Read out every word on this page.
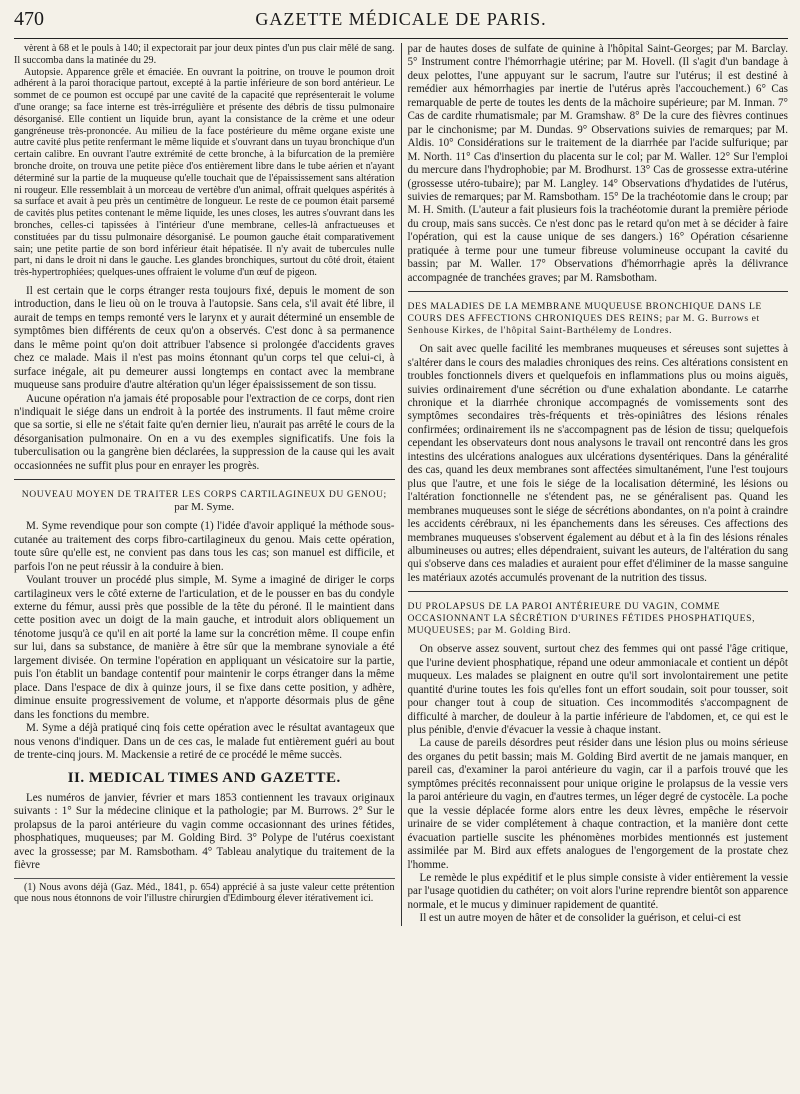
470	GAZETTE MÉDICALE DE PARIS.

vèrent à 68 et le pouls à 140; il expectorait par jour deux pintes d'un pus clair mêlé de sang. Il succomba dans la matinée du 29.

Autopsie. Apparence grêle et émaciée. En ouvrant la poitrine, on trouve le poumon droit adhérent à la paroi thoracique partout, excepté à la partie inférieure de son bord antérieur. Le sommet de ce poumon est occupé par une cavité de la capacité que représenterait le volume d'une orange; sa face interne est très-irrégulière et présente des débris de tissu pulmonaire désorganisé. Elle contient un liquide brun, ayant la consistance de la crème et une odeur gangréneuse très-prononcée. Au milieu de la face postérieure du même organe existe une autre cavité plus petite renfermant le même liquide et s'ouvrant dans un tuyau bronchique d'un certain calibre. En ouvrant l'autre extrémité de cette bronche, à la bifurcation de la première bronche droite, on trouva une petite pièce d'os entièrement libre dans le tube aérien et n'ayant déterminé sur la partie de la muqueuse qu'elle touchait que de l'épaississement sans altération ni rougeur. Elle ressemblait à un morceau de vertèbre d'un animal, offrait quelques aspérités à sa surface et avait à peu près un centimètre de longueur. Le reste de ce poumon était parsemé de cavités plus petites contenant le même liquide, les unes closes, les autres s'ouvrant dans les bronches, celles-ci tapissées à l'intérieur d'une membrane, celles-là anfractueuses et constituées par du tissu pulmonaire désorganisé. Le poumon gauche était comparativement sain; une petite partie de son bord inférieur était hépatisée. Il n'y avait de tubercules nulle part, ni dans le droit ni dans le gauche. Les glandes bronchiques, surtout du côté droit, étaient très-hypertrophiées; quelques-unes offraient le volume d'un œuf de pigeon.

Il est certain que le corps étranger resta toujours fixé, depuis le moment de son introduction, dans le lieu où on le trouva à l'autopsie. Sans cela, s'il avait été libre, il aurait de temps en temps remonté vers le larynx et y aurait déterminé un ensemble de symptômes bien différents de ceux qu'on a observés. C'est donc à sa permanence dans le même point qu'on doit attribuer l'absence si prolongée d'accidents graves chez ce malade. Mais il n'est pas moins étonnant qu'un corps tel que celui-ci, à surface inégale, ait pu demeurer aussi longtemps en contact avec la membrane muqueuse sans produire d'autre altération qu'un léger épaississement de son tissu.

Aucune opération n'a jamais été proposable pour l'extraction de ce corps, dont rien n'indiquait le siége dans un endroit à la portée des instruments. Il faut même croire que sa sortie, si elle ne s'était faite qu'en dernier lieu, n'aurait pas arrêté le cours de la désorganisation pulmonaire. On en a vu des exemples significatifs. Une fois la tuberculisation ou la gangrène bien déclarées, la suppression de la cause qui les avait occasionnées ne suffit plus pour en enrayer les progrès.

NOUVEAU MOYEN DE TRAITER LES CORPS CARTILAGINEUX DU GENOU;
par M. Syme.

M. Syme revendique pour son compte (1) l'idée d'avoir appliqué la méthode sous-cutanée au traitement des corps fibro-cartilagineux du genou. Mais cette opération, toute sûre qu'elle est, ne convient pas dans tous les cas; son manuel est difficile, et parfois l'on ne peut réussir à la conduire à bien.

Voulant trouver un procédé plus simple, M. Syme a imaginé de diriger le corps cartilagineux vers le côté externe de l'articulation, et de le pousser en bas du condyle externe du fémur, aussi près que possible de la tête du péroné. Il le maintient dans cette position avec un doigt de la main gauche, et introduit alors obliquement un ténotome jusqu'à ce qu'il en ait porté la lame sur la concrétion même. Il coupe enfin sur lui, dans sa substance, de manière à être sûr que la membrane synoviale a été largement divisée. On termine l'opération en appliquant un vésicatoire sur la partie, puis l'on établit un bandage contentif pour maintenir le corps étranger dans la même place. Dans l'espace de dix à quinze jours, il se fixe dans cette position, y adhère, diminue ensuite progressivement de volume, et n'apporte désormais plus de gêne dans les fonctions du membre.

M. Syme a déjà pratiqué cinq fois cette opération avec le résultat avantageux que nous venons d'indiquer. Dans un de ces cas, le malade fut entièrement guéri au bout de trente-cinq jours. M. Mackensie a retiré de ce procédé le même succès.

II. MEDICAL TIMES AND GAZETTE.

Les numéros de janvier, février et mars 1853 contiennent les travaux originaux suivants : 1° Sur la médecine clinique et la pathologie; par M. Burrows. 2° Sur le prolapsus de la paroi antérieure du vagin comme occasionnant des urines fétides, phosphatiques, muqueuses; par M. Golding Bird. 3° Polype de l'utérus coexistant avec la grossesse; par M. Ramsbotham. 4° Tableau analytique du traitement de la fièvre

(1) Nous avons déjà (Gaz. Méd., 1841, p. 654) apprécié à sa juste valeur cette prétention que nous nous étonnons de voir l'illustre chirurgien d'Edimbourg élever itérativement ici.

par de hautes doses de sulfate de quinine à l'hôpital Saint-Georges; par M. Barclay. 5° Instrument contre l'hémorrhagie utérine; par M. Hovell. (Il s'agit d'un bandage à deux pelottes, l'une appuyant sur le sacrum, l'autre sur l'utérus; il est destiné à remédier aux hémorrhagies par inertie de l'utérus après l'accouchement.) 6° Cas remarquable de perte de toutes les dents de la mâchoire supérieure; par M. Inman. 7° Cas de cardite rhumatismale; par M. Gramshaw. 8° De la cure des fièvres continues par le cinchonisme; par M. Dundas. 9° Observations suivies de remarques; par M. Aldis. 10° Considérations sur le traitement de la diarrhée par l'acide sulfurique; par M. North. 11° Cas d'insertion du placenta sur le col; par M. Waller. 12° Sur l'emploi du mercure dans l'hydrophobie; par M. Brodhurst. 13° Cas de grossesse extra-utérine (grossesse utéro-tubaire); par M. Langley. 14° Observations d'hydatides de l'utérus, suivies de remarques; par M. Ramsbotham. 15° De la trachéotomie dans le croup; par M. H. Smith. (L'auteur a fait plusieurs fois la trachéotomie durant la première période du croup, mais sans succès. Ce n'est donc pas le retard qu'on met à se décider à faire l'opération, qui est la cause unique de ses dangers.) 16° Opération césarienne pratiquée à terme pour une tumeur fibreuse volumineuse occupant la cavité du bassin; par M. Waller. 17° Observations d'hémorrhagie après la délivrance accompagnée de tranchées graves; par M. Ramsbotham.

DES MALADIES DE LA MEMBRANE MUQUEUSE BRONCHIQUE DANS LE COURS DES AFFECTIONS CHRONIQUES DES REINS; par M. G. Burrows et Senhouse Kirkes, de l'hôpital Saint-Barthélemy de Londres.

On sait avec quelle facilité les membranes muqueuses et séreuses sont sujettes à s'altérer dans le cours des maladies chroniques des reins. Ces altérations consistent en troubles fonctionnels divers et quelquefois en inflammations plus ou moins aiguës, suivies ordinairement d'une sécrétion ou d'une exhalation abondante. Le catarrhe chronique et la diarrhée chronique accompagnés de vomissements sont des symptômes secondaires très-fréquents et très-opiniâtres des lésions rénales confirmées; ordinairement ils ne s'accompagnent pas de lésion de tissu; quelquefois cependant les observateurs dont nous analysons le travail ont rencontré dans les gros intestins des ulcérations analogues aux ulcérations dysentériques. Dans la généralité des cas, quand les deux membranes sont affectées simultanément, l'une l'est toujours plus que l'autre, et une fois le siége de la localisation déterminé, les lésions ou l'altération fonctionnelle ne s'étendent pas, ne se généralisent pas. Quand les membranes muqueuses sont le siége de sécrétions abondantes, on n'a point à craindre les accidents cérébraux, ni les épanchements dans les séreuses. Ces affections des membranes muqueuses s'observent également au début et à la fin des lésions rénales albumineuses ou autres; elles dépendraient, suivant les auteurs, de l'altération du sang qui s'observe dans ces maladies et auraient pour effet d'éliminer de la masse sanguine les matériaux azotés accumulés provenant de la nutrition des tissus.

DU PROLAPSUS DE LA PAROI ANTÉRIEURE DU VAGIN, COMME OCCASIONNANT LA SÉCRÉTION D'URINES FÉTIDES PHOSPHATIQUES, MUQUEUSES; par M. Golding Bird.

On observe assez souvent, surtout chez des femmes qui ont passé l'âge critique, que l'urine devient phosphatique, répand une odeur ammoniacale et contient un dépôt muqueux. Les malades se plaignent en outre qu'il sort involontairement une petite quantité d'urine toutes les fois qu'elles font un effort soudain, soit pour tousser, soit pour changer tout à coup de situation. Ces incommodités s'accompagnent de difficulté à marcher, de douleur à la partie inférieure de l'abdomen, et, ce qui est le plus pénible, d'envie d'évacuer la vessie à chaque instant.

La cause de pareils désordres peut résider dans une lésion plus ou moins sérieuse des organes du petit bassin; mais M. Golding Bird avertit de ne jamais manquer, en pareil cas, d'examiner la paroi antérieure du vagin, car il a parfois trouvé que les symptômes précités reconnaissent pour unique origine le prolapsus de la vessie vers la paroi antérieure du vagin, en d'autres termes, un léger degré de cystocèle. La poche que la vessie déplacée forme alors entre les deux lèvres, empêche le réservoir urinaire de se vider complétement à chaque contraction, et la manière dont cette évacuation partielle suscite les phénomènes morbides mentionnés est justement assimilée par M. Bird aux effets analogues de l'engorgement de la prostate chez l'homme.

Le remède le plus expéditif et le plus simple consiste à vider entièrement la vessie par l'usage quotidien du cathéter; on voit alors l'urine reprendre bientôt son apparence normale, et le mucus y diminuer rapidement de quantité.

Il est un autre moyen de hâter et de consolider la guérison, et celui-ci est
